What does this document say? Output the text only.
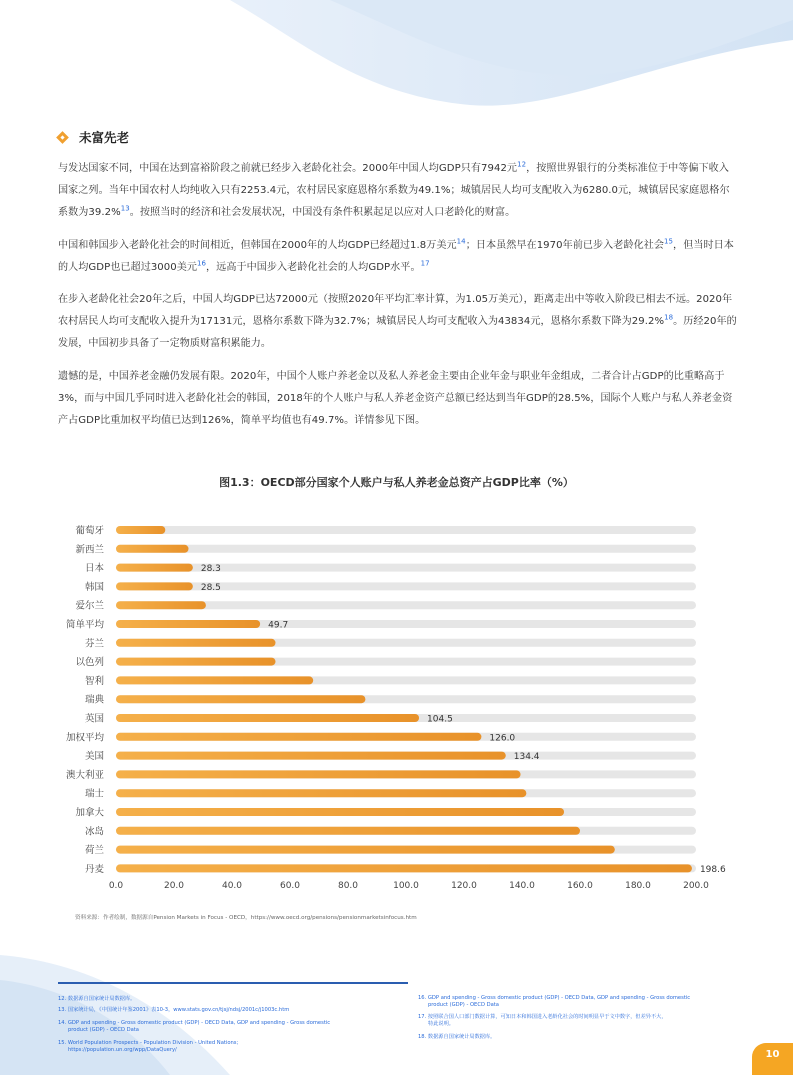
未富先老

与发达国家不同，中国在达到富裕阶段之前就已经步入老龄化社会。2000年中国人均GDP只有7942元$^{12}$，按照世界银行的分类标准位于中等偏下收入国家之列。当年中国农村人均纯收入只有2253.4元，农村居民家庭恩格尔系数为49.1%；城镇居民人均可支配收入为6280.0元，城镇居民家庭恩格尔系数为39.2%$^{13}$。按照当时的经济和社会发展状况，中国没有条件积累起足以应对人口老龄化的财富。

中国和韩国步入老龄化社会的时间相近，但韩国在2000年的人均GDP已经超过1.8万美元$^{14}$；日本虽然早在1970年前已步入老龄化社会$^{15}$，但当时日本的人均GDP也已超过3000美元$^{16}$，远高于中国步入老龄化社会的人均GDP水平。$^{17}$

在步入老龄化社会20年之后，中国人均GDP已达72000元（按照2020年平均汇率计算，为1.05万美元），距离走出中等收入阶段已相去不远。2020年农村居民人均可支配收入提升为17131元，恩格尔系数下降为32.7%；城镇居民人均可支配收入为43834元，恩格尔系数下降为29.2%$^{18}$。历经20年的发展，中国初步具备了一定物质财富积累能力。

遗憾的是，中国养老金融仍发展有限。2020年，中国个人账户养老金以及私人养老金主要由企业年金与职业年金组成，二者合计占GDP的比重略高于3%，而与中国几乎同时进入老龄化社会的韩国，2018年的个人账户与私人养老金资产总额已经达到当年GDP的28.5%，国际个人账户与私人养老金资产占GDP比重加权平均值已达到126%，简单平均值也有49.7%。详情参见下图。

图1.3：OECD部分国家个人账户与私人养老金总资产占GDP比率（%）
葡萄牙
新西兰
日本
韩国
爱尔兰
简单平均
芬兰
以色列
智利
瑞典
英国
加权平均
美国
澳大利亚
瑞士
加拿大
冰岛
荷兰
丹麦
28.3
28.5
49.7
104.5
126.0
134.4
198.6
0.0	20.0	40.0	60.0	80.0	100.0	120.0	140.0	160.0	180.0	200.0
资料来源：作者绘制，数据源自Pension Markets in Focus - OECD，https://www.oecd.org/pensions/pensionmarketsinfocus.htm

12. 数据源自国家统计局数据库。

13. 国家统计局，《中国统计年鉴2001》表10-3，www.stats.gov.cn/tjsj/ndsj/2001c/j1003c.htm

14. GDP and spending - Gross domestic product (GDP) - OECD Data, GDP and spending - Gross domestic
product (GDP) - OECD Data

15. World Population Prospects - Population Division - United Nations；
https://population.un.org/wpp/DataQuery/

16. GDP and spending - Gross domestic product (GDP) - OECD Data, GDP and spending - Gross domestic
product (GDP) - OECD Data

17. 按照联合国人口部门数据计算，可知日本和韩国进入老龄化社会的时间明显早于文中数字，但差异不大，
特此说明。

18. 数据源自国家统计局数据库。

10
